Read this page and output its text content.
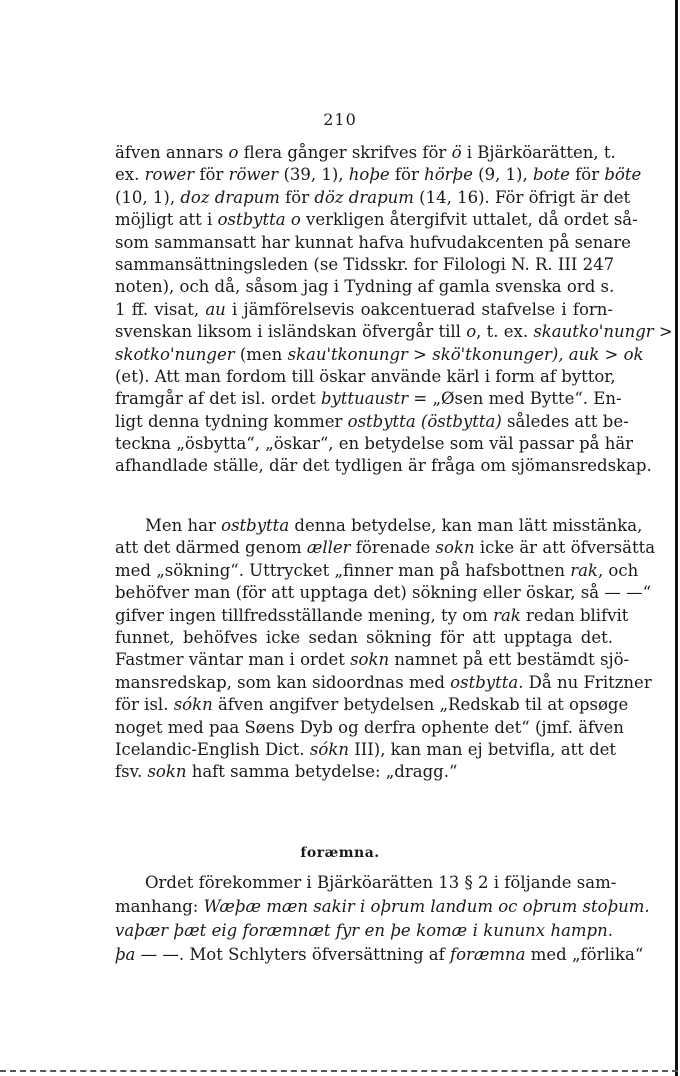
210
äfven annars o flera gånger skrifves för ö i Bjärköarätten, t.
ex. rower för röwer (39, 1), hoþe för hörþe (9, 1), bote för böte
(10, 1), doz drapum för döz drapum (14, 16). För öfrigt är det
möjligt att i ostbytta o verkligen återgifvit uttalet, då ordet så-
som sammansatt har kunnat hafva hufvudakcenten på senare
sammansättningsleden (se Tidsskr. for Filologi N. R. III 247
noten), och då, såsom jag i Tydning af gamla svenska ord s.
1 ff. visat, au i jämförelsevis oakcentuerad stafvelse i forn-
svenskan liksom i isländskan öfvergår till o, t. ex. skautko'nungr >
skotko'nunger (men skau'tkonungr > skö'tkonunger), auk > ok
(et). Att man fordom till öskar använde kärl i form af byttor,
framgår af det isl. ordet byttuaustr = „Øsen med Bytte“. En-
ligt denna tydning kommer ostbytta (östbytta) således att be-
teckna „ösbytta“, „öskar“, en betydelse som väl passar på här
afhandlade ställe, där det tydligen är fråga om sjömansredskap.
Men har ostbytta denna betydelse, kan man lätt misstänka,
att det därmed genom æller förenade sokn icke är att öfversätta
med „sökning“. Uttrycket „finner man på hafsbottnen rak, och
behöfver man (för att upptaga det) sökning eller öskar, så — —“
gifver ingen tillfredsställande mening, ty om rak redan blifvit
funnet, behöfves icke sedan sökning för att upptaga det.
Fastmer väntar man i ordet sokn namnet på ett bestämdt sjö-
mansredskap, som kan sidoordnas med ostbytta. Då nu Fritzner
för isl. sókn äfven angifver betydelsen „Redskab til at opsøge
noget med paa Søens Dyb og derfra ophente det“ (jmf. äfven
Icelandic-English Dict. sókn III), kan man ej betvifla, att det
fsv. sokn haft samma betydelse: „dragg.“
foræmna.
Ordet förekommer i Bjärköarätten 13 § 2 i följande sam-
manhang: Wæþæ mæn sakir i oþrum landum oc oþrum stoþum.
vaþær þæt eig foræmnæt fyr en þe komæ i kununx hampn.
þa — —. Mot Schlyters öfversättning af foræmna med „förlika“
